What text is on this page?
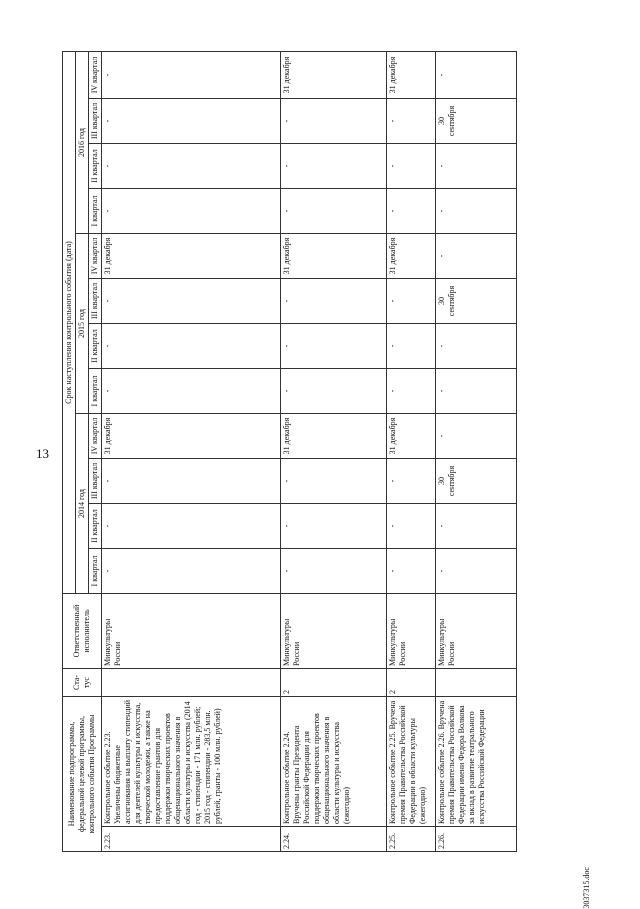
13
3037315.doc
Наименование подпрограммы, федеральной целевой программы, контрольного события Программы		Ста-тус	Ответственный исполнитель	Срок наступления контрольного события (дата)											
				2014 год				2015 год				2016 год			
				I квартал	II квартал	III квартал	IV квартал	I квартал	II квартал	III квартал	IV квартал	I квартал	II квартал	III квартал	IV квартал
2.23.	Контрольное событие 2.23. Увеличены бюджетные ассигнования на выплату стипендий для деятелей культуры и искусства, творческой молодежи, а также на предоставление грантов для поддержки творческих проектов общенационального значения в области культуры и искусства (2014 год - стипендии - 171 млн. рублей; 2015 год - стипендии - 283,5 млн. рублей, гранты - 100 млн. рублей)		Минкультуры России	-	-	-	31 декабря	-	-	-	31 декабря	-	-	-	-
2.24.	Контрольное событие 2.24. Вручены гранты Президента Российской Федерации для поддержки творческих проектов общенационального значения в области культуры и искусства (ежегодно)	2	Минкультуры России	-	-	-	31 декабря	-	-	-	31 декабря	-	-	-	31 декабря
2.25.	Контрольное событие 2.25. Вручена премия Правительства Российской Федерации в области культуры (ежегодно)	2	Минкультуры России	-	-	-	31 декабря	-	-	-	31 декабря	-	-	-	31 декабря
2.26.	Контрольное событие 2.26. Вручена премия Правительства Российской Федерации имени Федора Волкова за вклад в развитие театрального искусства Российской Федерации		Минкультуры России	-	-	30 сентября	-	-	-	30 сентября	-	-	-	30 сентября	-
